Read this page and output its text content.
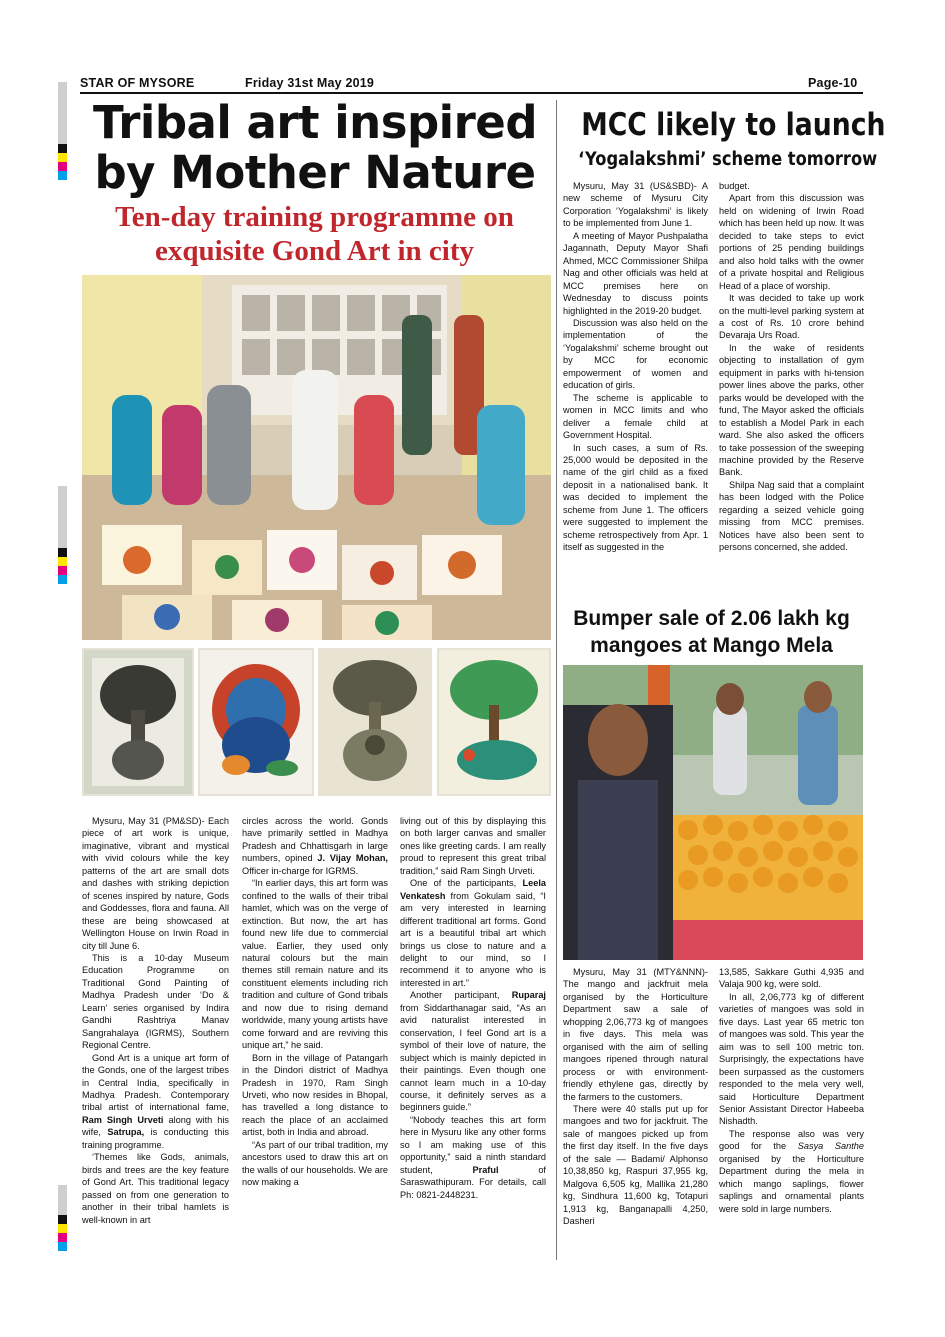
STAR OF MYSORE	Friday 31st May 2019	Page-10
Tribal art inspired
by Mother Nature
Ten-day training programme on
exquisite Gond Art in city

Mysuru, May 31 (PM&SD)- Each piece of art work is unique, imaginative, vibrant and mystical with vivid colours while the key patterns of the art are small dots and dashes with striking depiction of scenes inspired by nature, Gods and Goddesses, flora and fauna. All these are being showcased at Wellington House on Irwin Road in city till June 6.

This is a 10-day Museum Education Programme on Traditional Gond Painting of Madhya Pradesh under ‘Do & Learn’ series organised by Indira Gandhi Rashtriya Manav Sangrahalaya (IGRMS), Southern Regional Centre.

Gond Art is a unique art form of the Gonds, one of the largest tribes in Central India, specifically in Madhya Pradesh. Contemporary tribal artist of international fame, Ram Singh Urveti along with his wife, Satrupa, is conducting this training programme.

‘Themes like Gods, animals, birds and trees are the key feature of Gond Art. This traditional legacy passed on from one generation to another in their tribal hamlets is well-known in art

circles across the world. Gonds have primarily settled in Madhya Pradesh and Chhattisgarh in large numbers, opined J. Vijay Mohan, Officer in-charge for IGRMS.

“In earlier days, this art form was confined to the walls of their tribal hamlet, which was on the verge of extinction. But now, the art has found new life due to commercial value. Earlier, they used only natural colours but the main themes still remain nature and its constituent elements including rich tradition and culture of Gond tribals and now due to rising demand worldwide, many young artists have come forward and are reviving this unique art,” he said.

Born in the village of Patangarh in the Dindori district of Madhya Pradesh in 1970, Ram Singh Urveti, who now resides in Bhopal, has travelled a long distance to reach the place of an acclaimed artist, both in India and abroad.

“As part of our tribal tradition, my ancestors used to draw this art on the walls of our households. We are now making a

living out of this by displaying this on both larger canvas and smaller ones like greeting cards. I am really proud to represent this great tribal tradition,” said Ram Singh Urveti.

One of the participants, Leela Venkatesh from Gokulam said, “I am very interested in learning different traditional art forms. Gond art is a beautiful tribal art which brings us close to nature and a delight to our mind, so I recommend it to anyone who is interested in art.”

Another participant, Ruparaj from Siddarthanagar said, “As an avid naturalist interested in conservation, I feel Gond art is a symbol of their love of nature, the subject which is mainly depicted in their paintings. Even though one cannot learn much in a 10-day course, it definitely serves as a beginners guide.”

“Nobody teaches this art form here in Mysuru like any other forms so I am making use of this opportunity,” said a ninth standard student,	Praful	of Saraswathipuram. For details, call Ph: 0821-2448231.

MCC likely to launch
‘Yogalakshmi’ scheme tomorrow

Mysuru, May 31 (US&SBD)- A new scheme of Mysuru City Corporation ‘Yogalakshmi’ is likely to be implemented from June 1.

A meeting of Mayor Pushpalatha Jagannath, Deputy Mayor Shafi Ahmed, MCC Commissioner Shilpa Nag and other officials was held at MCC premises here on Wednesday to discuss points highlighted in the 2019-20 budget.

Discussion was also held on the implementation of the ‘Yogalakshmi’ scheme brought out by MCC for economic empowerment of women and education of girls.

The scheme is applicable to women in MCC limits and who deliver a female child at Government Hospital.

In such cases, a sum of Rs. 25,000 would be deposited in the name of the girl child as a fixed deposit in a nationalised bank. It was decided to implement the scheme from June 1. The officers were suggested to implement the scheme retrospectively from Apr. 1 itself as suggested in the

budget.

Apart from this discussion was held on widening of Irwin Road which has been held up now. It was decided to take steps to evict portions of 25 pending buildings and also hold talks with the owner of a private hospital and Religious Head of a place of worship.

It was decided to take up work on the multi-level parking system at a cost of Rs. 10 crore behind Devaraja Urs Road.

In the wake of residents objecting to installation of gym equipment in parks with hi-tension power lines above the parks, other parks would be developed with the fund, The Mayor asked the officials to establish a Model Park in each ward. She also asked the officers to take possession of the sweeping machine provided by the Reserve Bank.

Shilpa Nag said that a complaint has been lodged with the Police regarding a seized vehicle going missing from MCC premises. Notices have also been sent to persons concerned, she added.

Bumper sale of 2.06 lakh kg
mangoes at Mango Mela

Mysuru, May 31 (MTY&NNN)- The mango and jackfruit mela organised by the Horticulture Department saw a sale of whopping 2,06,773 kg of mangoes in five days. This mela was organised with the aim of selling mangoes ripened through natural process or with environment-friendly ethylene gas, directly by the farmers to the customers.

There were 40 stalls put up for mangoes and two for jackfruit. The sale of mangoes picked up from the first day itself. In the five days of the sale — Badami/ Alphonso 10,38,850 kg, Raspuri 37,955 kg, Malgova 6,505 kg, Mallika 21,280 kg, Sindhura 11,600 kg, Totapuri 1,913 kg, Banganapalli 4,250, Dasheri

13,585, Sakkare Guthi 4,935 and Valaja 900 kg, were sold.

In all, 2,06,773 kg of different varieties of mangoes was sold in five days. Last year 65 metric ton of mangoes was sold. This year the aim was to sell 100 metric ton. Surprisingly, the expectations have been surpassed as the customers responded to the mela very well, said Horticulture Department Senior Assistant Director Habeeba Nishadth.

The response also was very good for the Sasya Santhe organised by the Horticulture Department during the mela in which mango saplings, flower saplings and ornamental plants were sold in large numbers.
